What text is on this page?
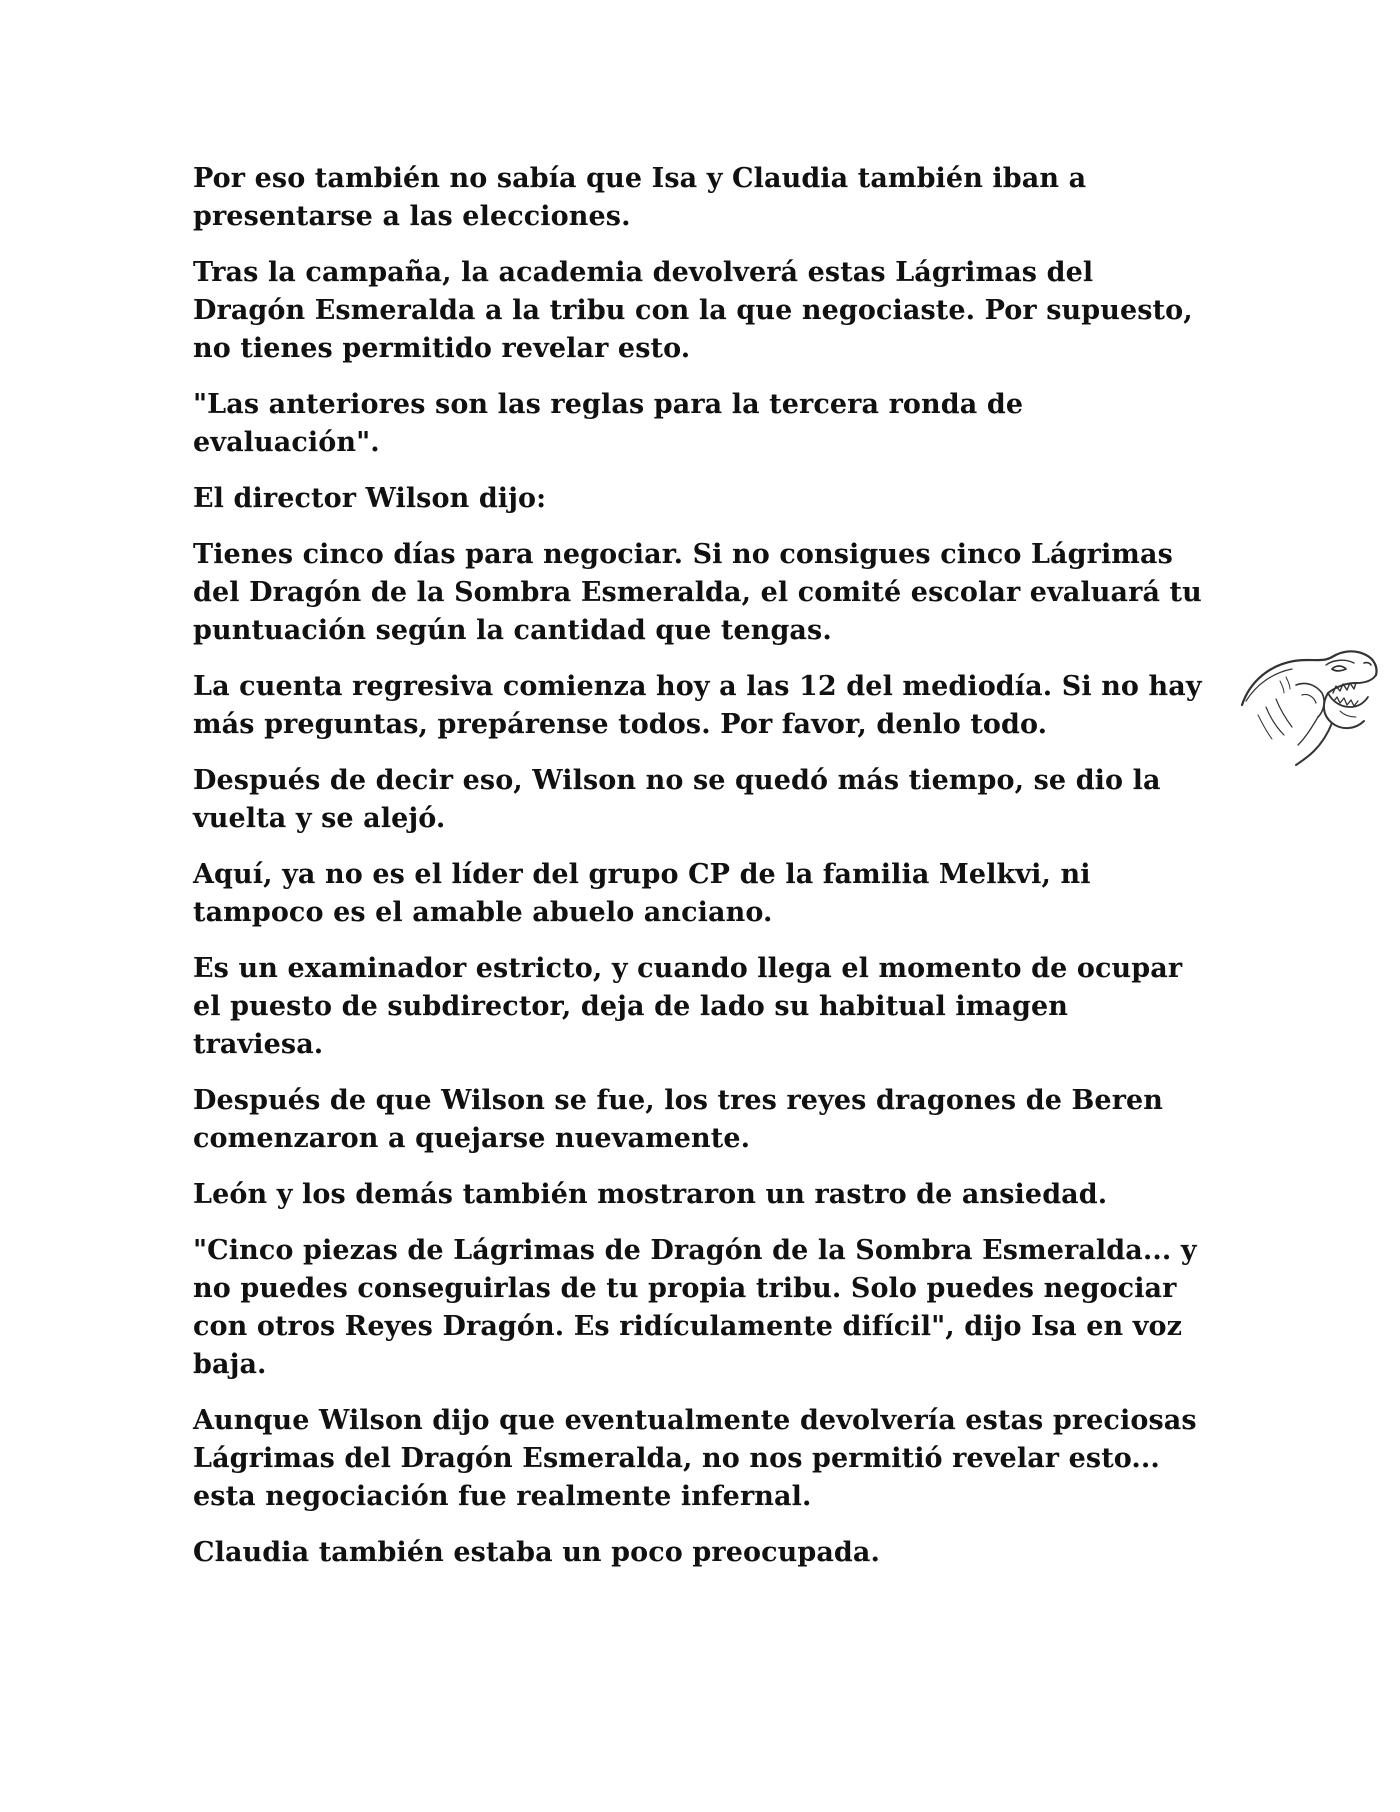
Por eso también no sabía que Isa y Claudia también iban a presentarse a las elecciones.

Tras la campaña, la academia devolverá estas Lágrimas del Dragón Esmeralda a la tribu con la que negociaste. Por supuesto, no tienes permitido revelar esto.

"Las anteriores son las reglas para la tercera ronda de evaluación".

El director Wilson dijo:

Tienes cinco días para negociar. Si no consigues cinco Lágrimas del Dragón de la Sombra Esmeralda, el comité escolar evaluará tu puntuación según la cantidad que tengas.

La cuenta regresiva comienza hoy a las 12 del mediodía. Si no hay más preguntas, prepárense todos. Por favor, denlo todo.

Después de decir eso, Wilson no se quedó más tiempo, se dio la vuelta y se alejó.

Aquí, ya no es el líder del grupo CP de la familia Melkvi, ni tampoco es el amable abuelo anciano.

Es un examinador estricto, y cuando llega el momento de ocupar el puesto de subdirector, deja de lado su habitual imagen traviesa.

Después de que Wilson se fue, los tres reyes dragones de Beren comenzaron a quejarse nuevamente.

León y los demás también mostraron un rastro de ansiedad.

"Cinco piezas de Lágrimas de Dragón de la Sombra Esmeralda... y no puedes conseguirlas de tu propia tribu. Solo puedes negociar con otros Reyes Dragón. Es ridículamente difícil", dijo Isa en voz baja.

Aunque Wilson dijo que eventualmente devolvería estas preciosas Lágrimas del Dragón Esmeralda, no nos permitió revelar esto... esta negociación fue realmente infernal.

Claudia también estaba un poco preocupada.
